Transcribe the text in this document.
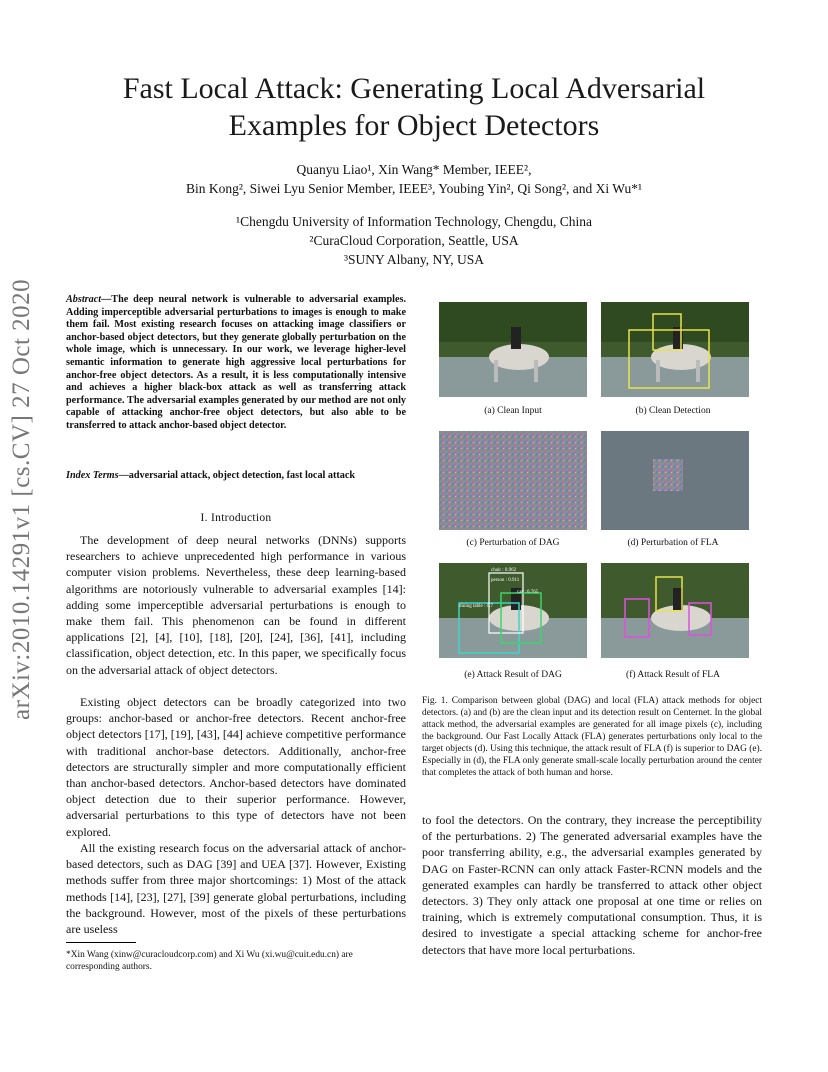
arXiv:2010.14291v1 [cs.CV] 27 Oct 2020
Fast Local Attack: Generating Local Adversarial
Examples for Object Detectors
Quanyu Liao¹, Xin Wang* Member, IEEE²,
Bin Kong², Siwei Lyu Senior Member, IEEE³, Youbing Yin², Qi Song², and Xi Wu*¹
¹Chengdu University of Information Technology, Chengdu, China
²CuraCloud Corporation, Seattle, USA
³SUNY Albany, NY, USA
Abstract—The deep neural network is vulnerable to adversarial examples. Adding imperceptible adversarial perturbations to images is enough to make them fail. Most existing research focuses on attacking image classifiers or anchor-based object detectors, but they generate globally perturbation on the whole image, which is unnecessary. In our work, we leverage higher-level semantic information to generate high aggressive local perturbations for anchor-free object detectors. As a result, it is less computationally intensive and achieves a higher black-box attack as well as transferring attack performance. The adversarial examples generated by our method are not only capable of attacking anchor-free object detectors, but also able to be transferred to attack anchor-based object detector.
Index Terms—adversarial attack, object detection, fast local attack
I. Introduction
The development of deep neural networks (DNNs) supports researchers to achieve unprecedented high performance in various computer vision problems. Nevertheless, these deep learning-based algorithms are notoriously vulnerable to adversarial examples [14]: adding some imperceptible adversarial perturbations is enough to make them fail. This phenomenon can be found in different applications [2], [4], [10], [18], [20], [24], [36], [41], including classification, object detection, etc. In this paper, we specifically focus on the adversarial attack of object detectors.
Existing object detectors can be broadly categorized into two groups: anchor-based or anchor-free detectors. Recent anchor-free object detectors [17], [19], [43], [44] achieve competitive performance with traditional anchor-base detectors. Additionally, anchor-free detectors are structurally simpler and more computationally efficient than anchor-based detectors. Anchor-based detectors have dominated object detection due to their superior performance. However, adversarial perturbations to this type of detectors have not been explored.
All the existing research focus on the adversarial attack of anchor-based detectors, such as DAG [39] and UEA [37]. However, Existing methods suffer from three major shortcomings: 1) Most of the attack methods [14], [23], [27], [39] generate global perturbations, including the background. However, most of the pixels of these perturbations are useless
*Xin Wang (xinw@curacloudcorp.com) and Xi Wu (xi.wu@cuit.edu.cn) are corresponding authors.
(a) Clean Input	(b) Clean Detection
(c) Perturbation of DAG	(d) Perturbation of FLA
chair : 0.962
person : 0.911
car : 0.765
dining table : 0.7
(e) Attack Result of DAG	(f) Attack Result of FLA
Fig. 1. Comparison between global (DAG) and local (FLA) attack methods for object detectors. (a) and (b) are the clean input and its detection result on Centernet. In the global attack method, the adversarial examples are generated for all image pixels (c), including the background. Our Fast Locally Attack (FLA) generates perturbations only local to the target objects (d). Using this technique, the attack result of FLA (f) is superior to DAG (e). Especially in (d), the FLA only generate small-scale locally perturbation around the center that completes the attack of both human and horse.
to fool the detectors. On the contrary, they increase the perceptibility of the perturbations. 2) The generated adversarial examples have the poor transferring ability, e.g., the adversarial examples generated by DAG on Faster-RCNN can only attack Faster-RCNN models and the generated examples can hardly be transferred to attack other object detectors. 3) They only attack one proposal at one time or relies on training, which is extremely computational consumption. Thus, it is desired to investigate a special attacking scheme for anchor-free detectors that have more local perturbations.
